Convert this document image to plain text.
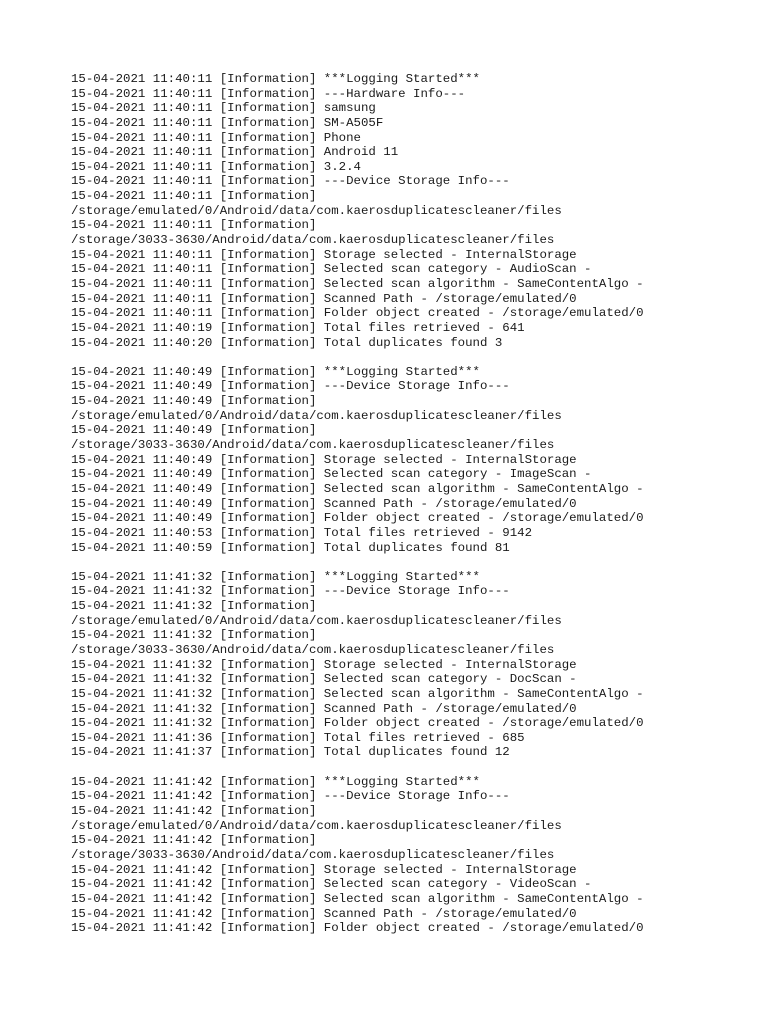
15-04-2021 11:40:11 [Information] ***Logging Started***
15-04-2021 11:40:11 [Information] ---Hardware Info---
15-04-2021 11:40:11 [Information] samsung
15-04-2021 11:40:11 [Information] SM-A505F
15-04-2021 11:40:11 [Information] Phone
15-04-2021 11:40:11 [Information] Android 11
15-04-2021 11:40:11 [Information] 3.2.4
15-04-2021 11:40:11 [Information] ---Device Storage Info---
15-04-2021 11:40:11 [Information]
/storage/emulated/0/Android/data/com.kaerosduplicatescleaner/files
15-04-2021 11:40:11 [Information]
/storage/3033-3630/Android/data/com.kaerosduplicatescleaner/files
15-04-2021 11:40:11 [Information] Storage selected - InternalStorage
15-04-2021 11:40:11 [Information] Selected scan category - AudioScan -
15-04-2021 11:40:11 [Information] Selected scan algorithm - SameContentAlgo -
15-04-2021 11:40:11 [Information] Scanned Path - /storage/emulated/0
15-04-2021 11:40:11 [Information] Folder object created - /storage/emulated/0
15-04-2021 11:40:19 [Information] Total files retrieved - 641
15-04-2021 11:40:20 [Information] Total duplicates found 3
15-04-2021 11:40:49 [Information] ***Logging Started***
15-04-2021 11:40:49 [Information] ---Device Storage Info---
15-04-2021 11:40:49 [Information]
/storage/emulated/0/Android/data/com.kaerosduplicatescleaner/files
15-04-2021 11:40:49 [Information]
/storage/3033-3630/Android/data/com.kaerosduplicatescleaner/files
15-04-2021 11:40:49 [Information] Storage selected - InternalStorage
15-04-2021 11:40:49 [Information] Selected scan category - ImageScan -
15-04-2021 11:40:49 [Information] Selected scan algorithm - SameContentAlgo -
15-04-2021 11:40:49 [Information] Scanned Path - /storage/emulated/0
15-04-2021 11:40:49 [Information] Folder object created - /storage/emulated/0
15-04-2021 11:40:53 [Information] Total files retrieved - 9142
15-04-2021 11:40:59 [Information] Total duplicates found 81
15-04-2021 11:41:32 [Information] ***Logging Started***
15-04-2021 11:41:32 [Information] ---Device Storage Info---
15-04-2021 11:41:32 [Information]
/storage/emulated/0/Android/data/com.kaerosduplicatescleaner/files
15-04-2021 11:41:32 [Information]
/storage/3033-3630/Android/data/com.kaerosduplicatescleaner/files
15-04-2021 11:41:32 [Information] Storage selected - InternalStorage
15-04-2021 11:41:32 [Information] Selected scan category - DocScan -
15-04-2021 11:41:32 [Information] Selected scan algorithm - SameContentAlgo -
15-04-2021 11:41:32 [Information] Scanned Path - /storage/emulated/0
15-04-2021 11:41:32 [Information] Folder object created - /storage/emulated/0
15-04-2021 11:41:36 [Information] Total files retrieved - 685
15-04-2021 11:41:37 [Information] Total duplicates found 12
15-04-2021 11:41:42 [Information] ***Logging Started***
15-04-2021 11:41:42 [Information] ---Device Storage Info---
15-04-2021 11:41:42 [Information]
/storage/emulated/0/Android/data/com.kaerosduplicatescleaner/files
15-04-2021 11:41:42 [Information]
/storage/3033-3630/Android/data/com.kaerosduplicatescleaner/files
15-04-2021 11:41:42 [Information] Storage selected - InternalStorage
15-04-2021 11:41:42 [Information] Selected scan category - VideoScan -
15-04-2021 11:41:42 [Information] Selected scan algorithm - SameContentAlgo -
15-04-2021 11:41:42 [Information] Scanned Path - /storage/emulated/0
15-04-2021 11:41:42 [Information] Folder object created - /storage/emulated/0
